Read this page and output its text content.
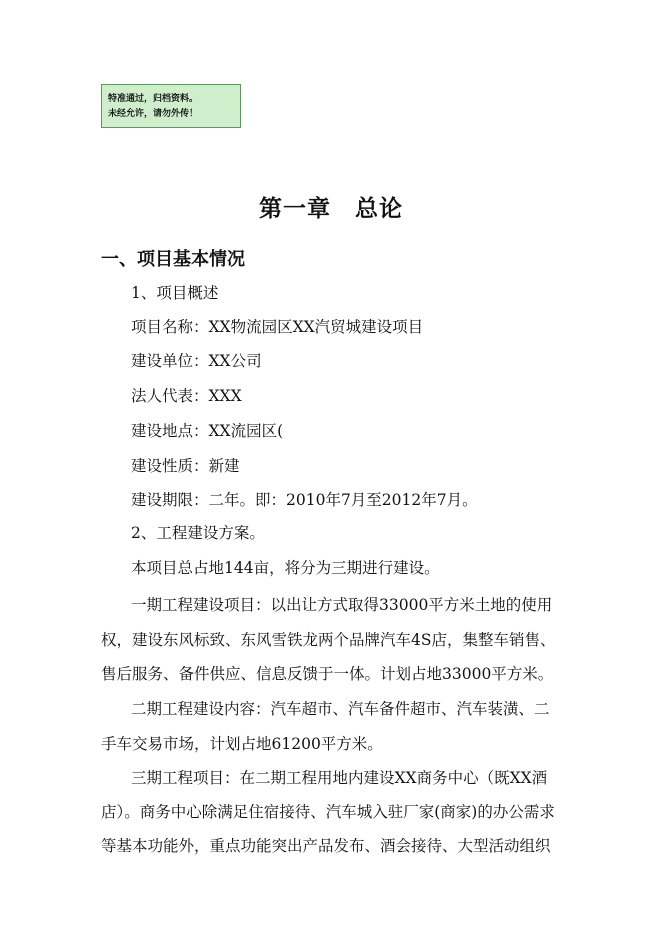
特准通过，归档资料。
未经允许，请勿外传！
第一章　总论
一、项目基本情况
1、项目概述
项目名称：XX物流园区XX汽贸城建设项目
建设单位：XX公司
法人代表：XXX
建设地点：XX流园区(
建设性质：新建
建设期限：二年。即：2010年7月至2012年7月。
2、工程建设方案。
本项目总占地144亩，将分为三期进行建设。
一期工程建设项目：以出让方式取得33000平方米土地的使用
权，建设东风标致、东风雪铁龙两个品牌汽车4S店，集整车销售、
售后服务、备件供应、信息反馈于一体。计划占地33000平方米。
二期工程建设内容：汽车超市、汽车备件超市、汽车装潢、二
手车交易市场，计划占地61200平方米。
三期工程项目：在二期工程用地内建设XX商务中心（既XX酒
店）。商务中心除满足住宿接待、汽车城入驻厂家(商家)的办公需求
等基本功能外，重点功能突出产品发布、酒会接待、大型活动组织
